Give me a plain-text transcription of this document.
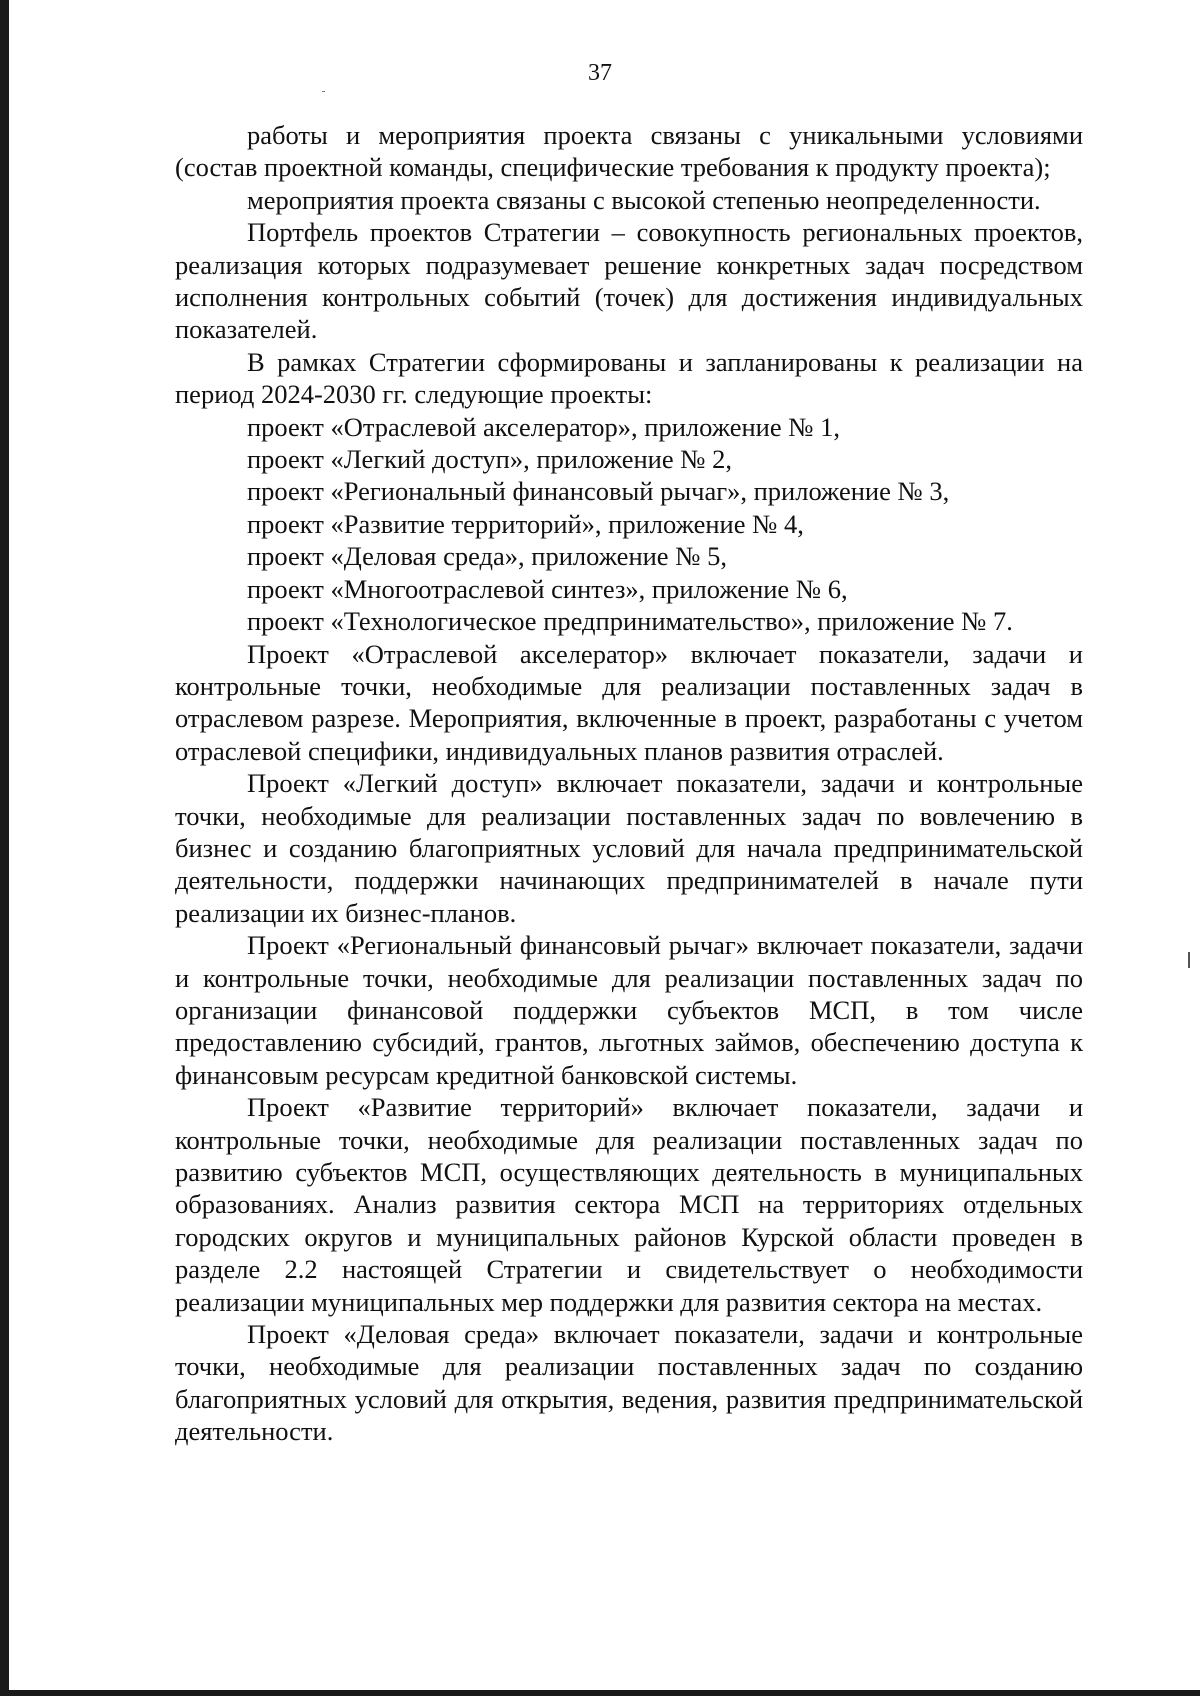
37

работы и мероприятия проекта связаны с уникальными условиями (состав проектной команды, специфические требования к продукту проекта);

мероприятия проекта связаны с высокой степенью неопределенности.

Портфель проектов Стратегии – совокупность региональных проектов, реализация которых подразумевает решение конкретных задач посредством исполнения контрольных событий (точек) для достижения индивидуальных показателей.

В рамках Стратегии сформированы и запланированы к реализации на период 2024-2030 гг. следующие проекты:

проект «Отраслевой акселератор», приложение № 1,

проект «Легкий доступ», приложение № 2,

проект «Региональный финансовый рычаг», приложение № 3,

проект «Развитие территорий», приложение № 4,

проект «Деловая среда», приложение № 5,

проект «Многоотраслевой синтез», приложение № 6,

проект «Технологическое предпринимательство», приложение № 7.

Проект «Отраслевой акселератор» включает показатели, задачи и контрольные точки, необходимые для реализации поставленных задач в отраслевом разрезе. Мероприятия, включенные в проект, разработаны с учетом отраслевой специфики, индивидуальных планов развития отраслей.

Проект «Легкий доступ» включает показатели, задачи и контрольные точки, необходимые для реализации поставленных задач по вовлечению в бизнес и созданию благоприятных условий для начала предпринимательской деятельности, поддержки начинающих предпринимателей в начале пути реализации их бизнес-планов.

Проект «Региональный финансовый рычаг» включает показатели, задачи и контрольные точки, необходимые для реализации поставленных задач по организации финансовой поддержки субъектов МСП, в том числе предоставлению субсидий, грантов, льготных займов, обеспечению доступа к финансовым ресурсам кредитной банковской системы.

Проект «Развитие территорий» включает показатели, задачи и контрольные точки, необходимые для реализации поставленных задач по развитию субъектов МСП, осуществляющих деятельность в муниципальных образованиях. Анализ развития сектора МСП на территориях отдельных городских округов и муниципальных районов Курской области проведен в разделе 2.2 настоящей Стратегии и свидетельствует о необходимости реализации муниципальных мер поддержки для развития сектора на местах.

Проект «Деловая среда» включает показатели, задачи и контрольные точки, необходимые для реализации поставленных задач по созданию благоприятных условий для открытия, ведения, развития предпринимательской деятельности.
